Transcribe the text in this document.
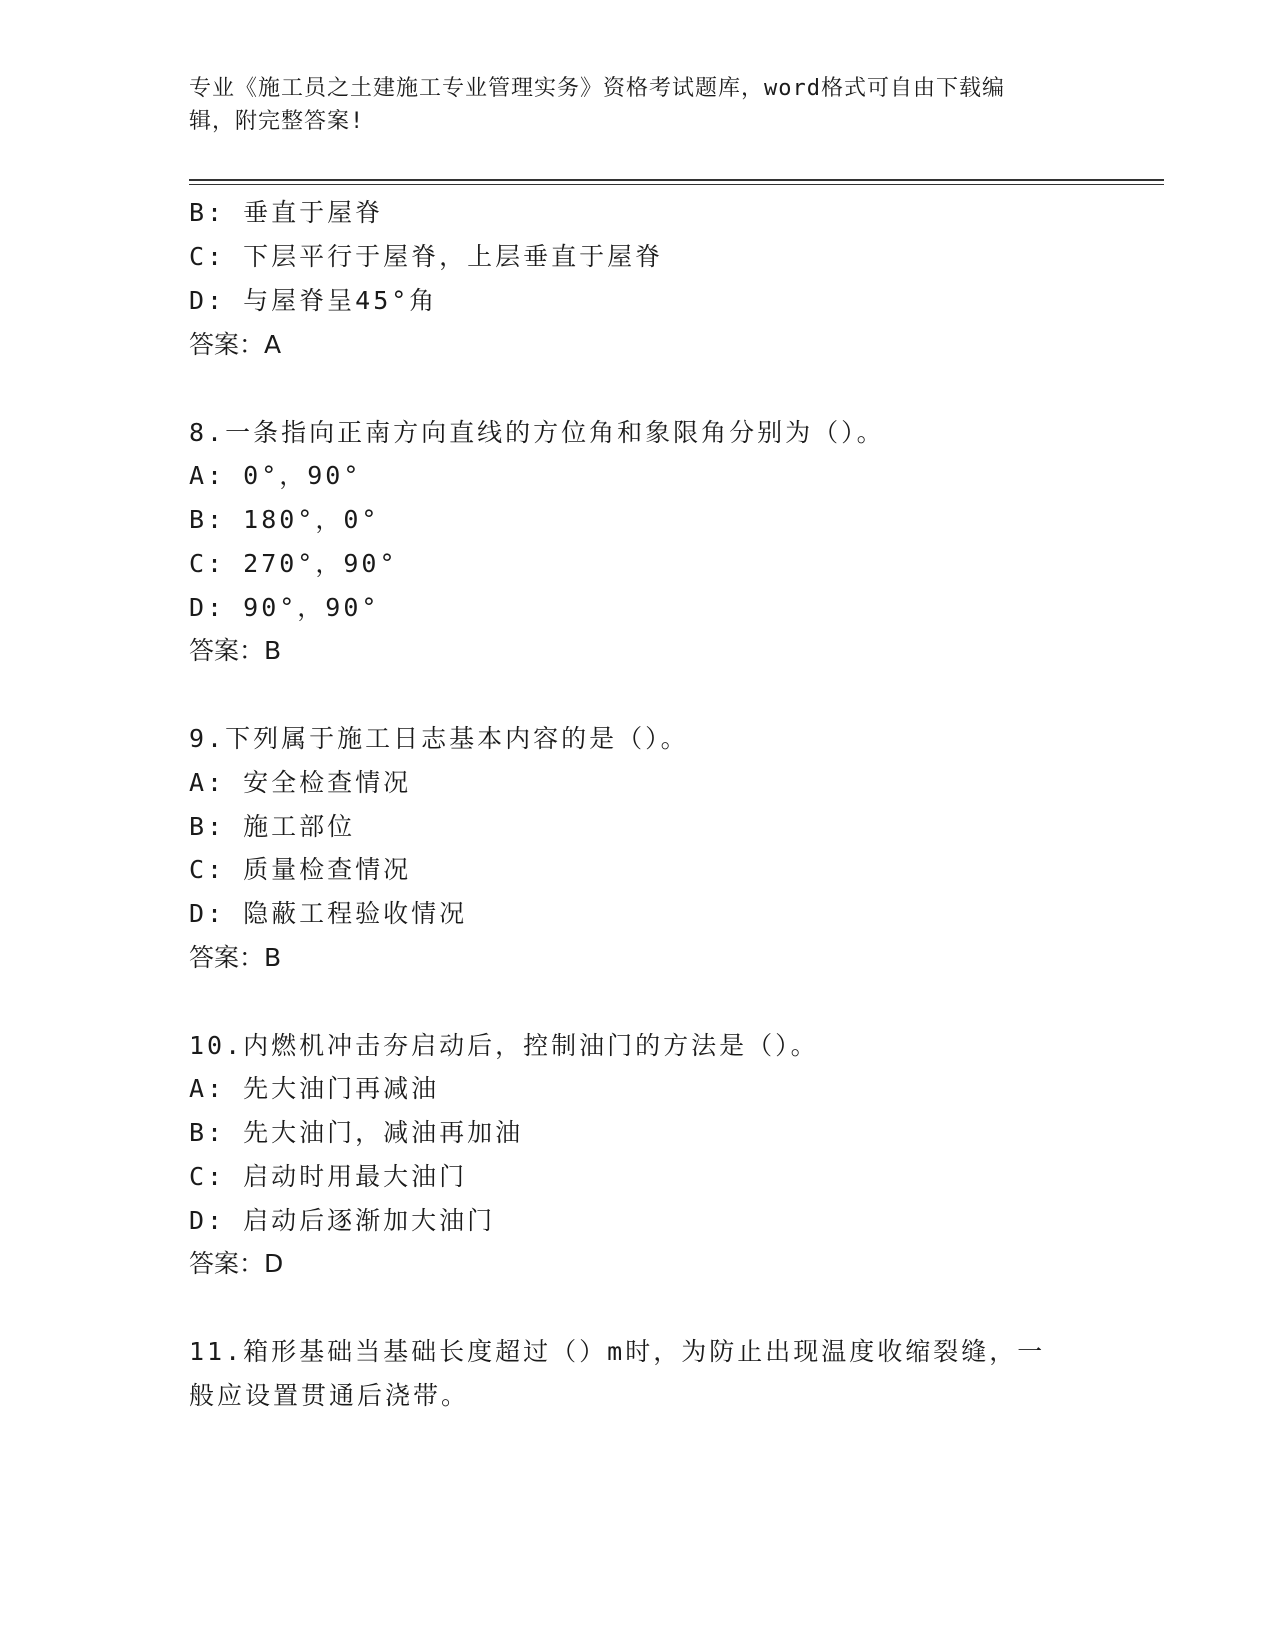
专业《施工员之土建施工专业管理实务》资格考试题库，word格式可自由下载编
辑，附完整答案!
B: 垂直于屋脊
C: 下层平行于屋脊，上层垂直于屋脊
D: 与屋脊呈45°角
答案：A
8.一条指向正南方向直线的方位角和象限角分别为（）。
A: 0°，90°
B: 180°，0°
C: 270°，90°
D: 90°，90°
答案：B
9.下列属于施工日志基本内容的是（）。
A: 安全检查情况
B: 施工部位
C: 质量检查情况
D: 隐蔽工程验收情况
答案：B
10.内燃机冲击夯启动后，控制油门的方法是（）。
A: 先大油门再减油
B: 先大油门，减油再加油
C: 启动时用最大油门
D: 启动后逐渐加大油门
答案：D
11.箱形基础当基础长度超过（）m时，为防止出现温度收缩裂缝，一
般应设置贯通后浇带。
